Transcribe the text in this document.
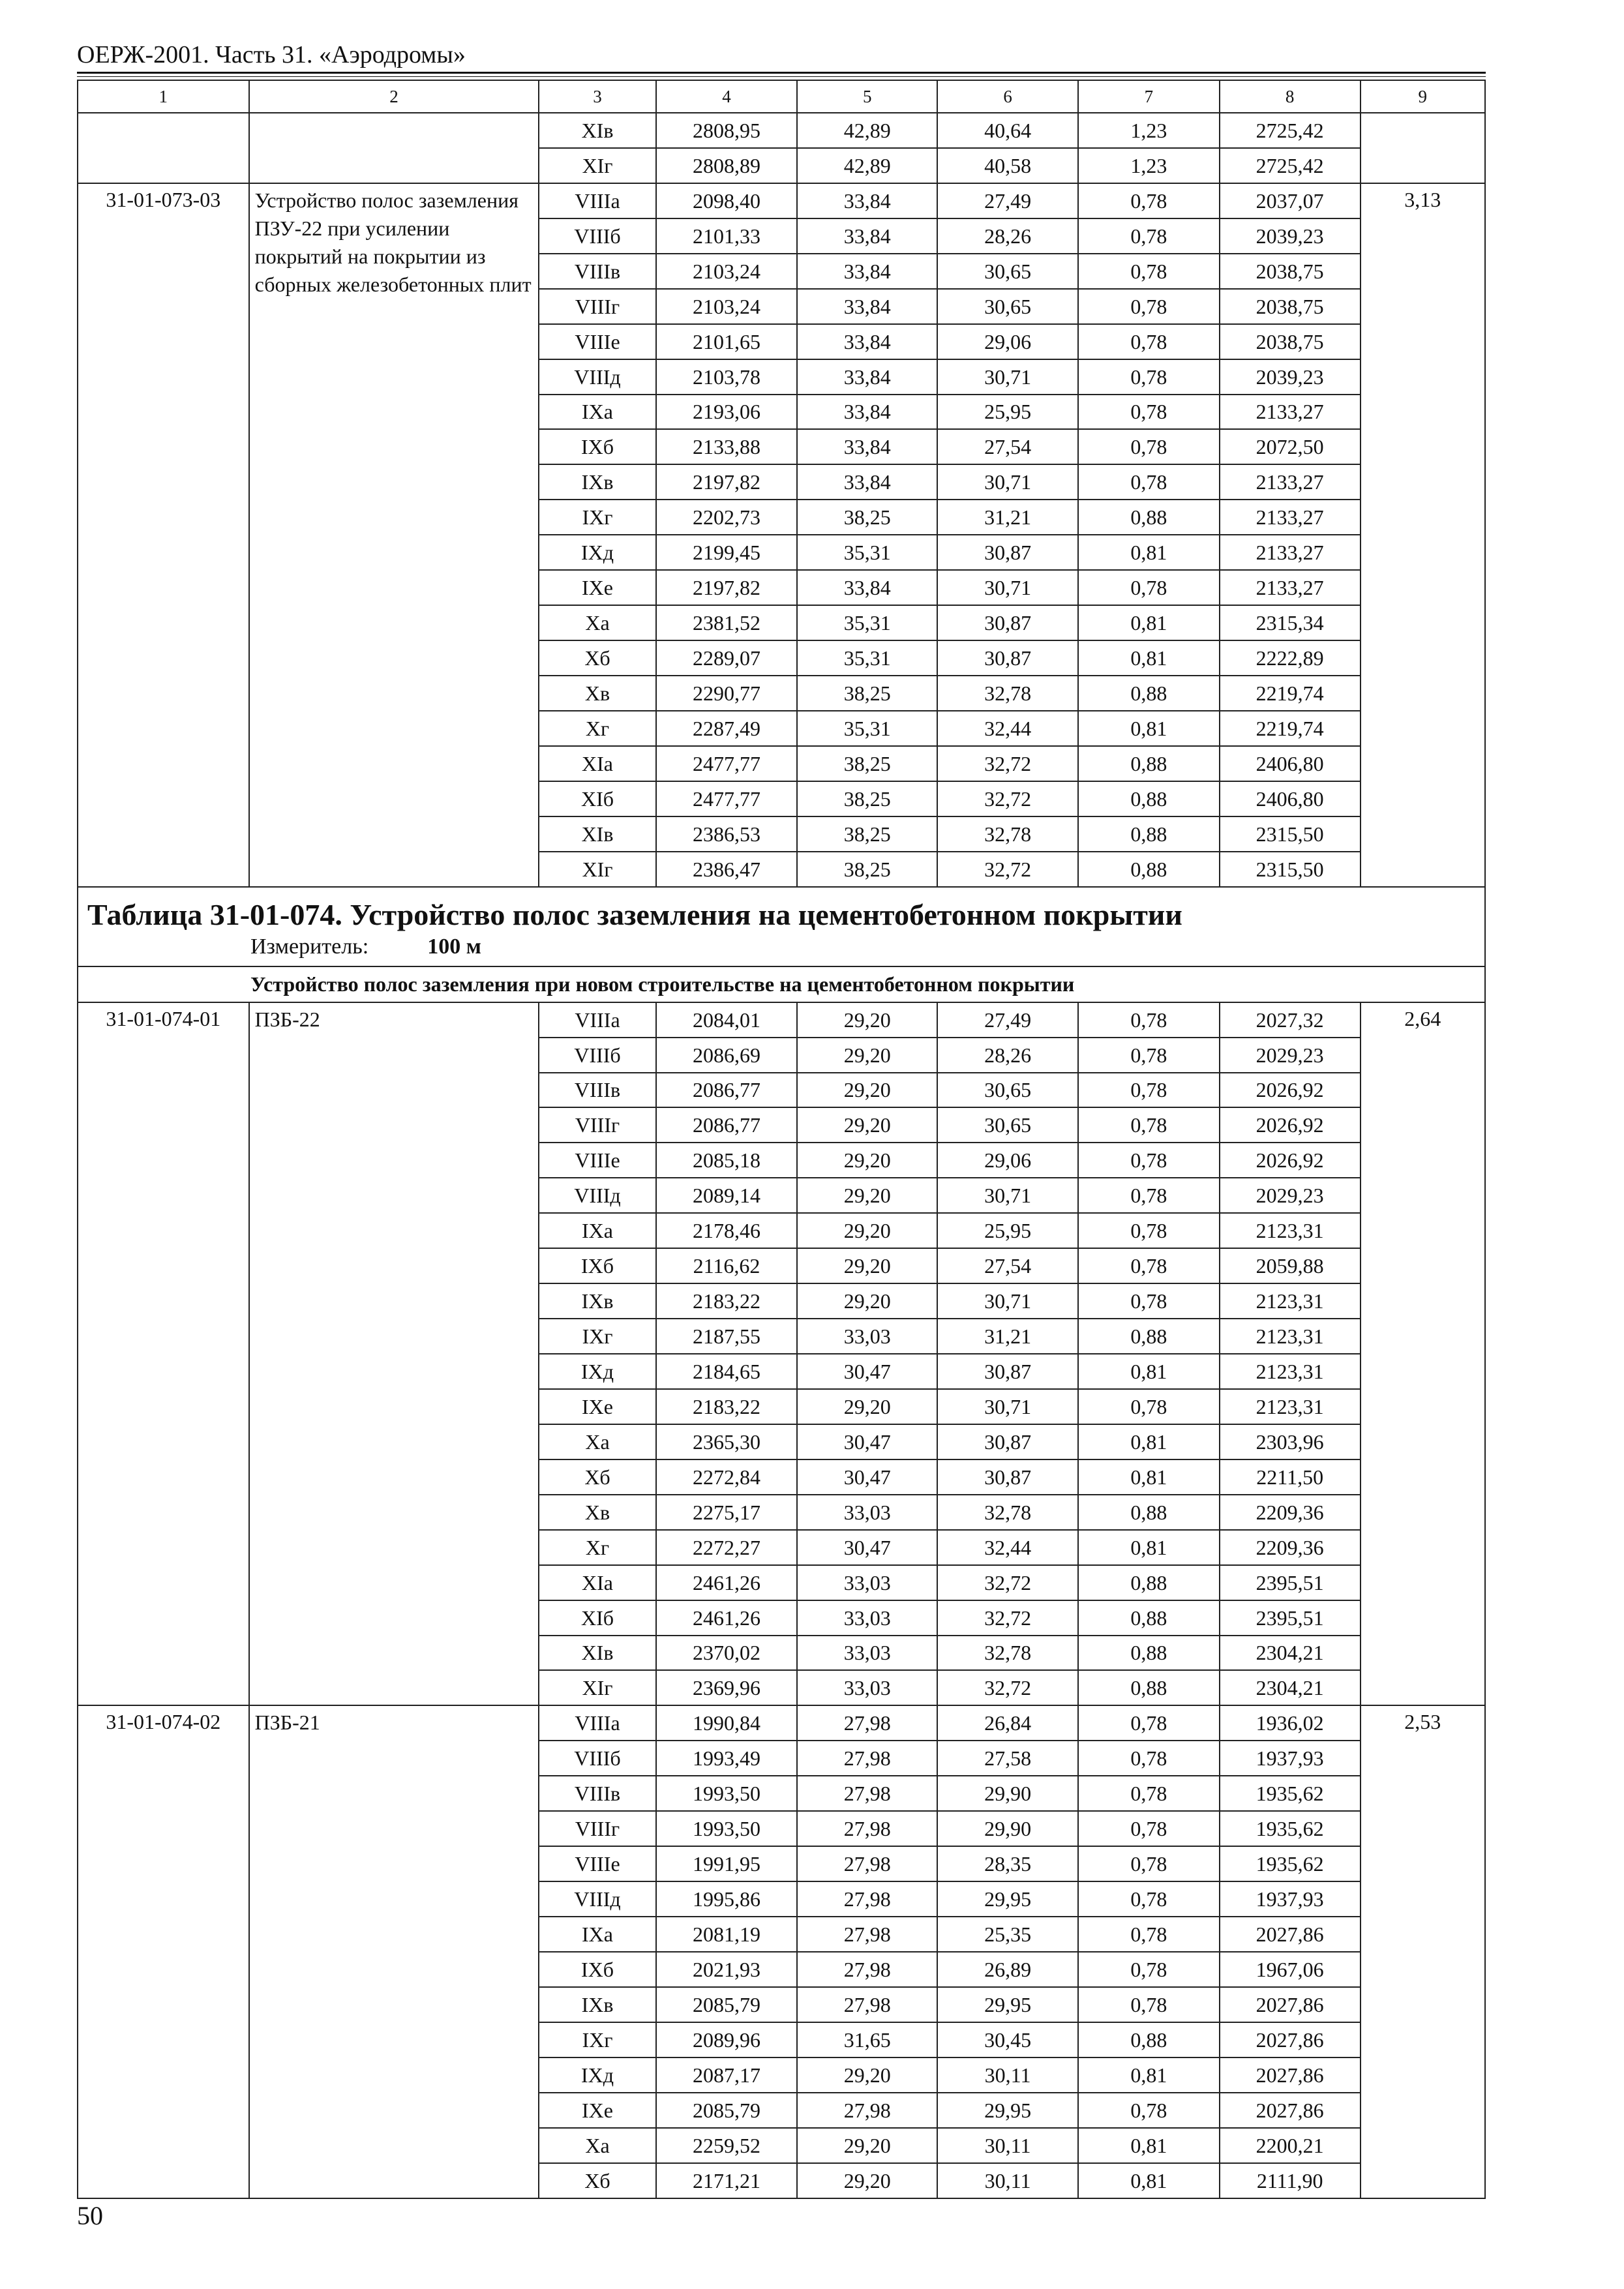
ОЕРЖ-2001. Часть 31. «Аэродромы»
1	2	3	4	5	6	7	8	9
		XIв	2808,95	42,89	40,64	1,23	2725,42	
		XIг	2808,89	42,89	40,58	1,23	2725,42	
31-01-073-03	Устройство полос заземления ПЗУ-22 при усилении покрытий на покрытии из сборных железобетонных плит	VIIIа	2098,40	33,84	27,49	0,78	2037,07	3,13
		VIIIб	2101,33	33,84	28,26	0,78	2039,23	
		VIIIв	2103,24	33,84	30,65	0,78	2038,75	
		VIIIг	2103,24	33,84	30,65	0,78	2038,75	
		VIIIе	2101,65	33,84	29,06	0,78	2038,75	
		VIIIд	2103,78	33,84	30,71	0,78	2039,23	
		IXа	2193,06	33,84	25,95	0,78	2133,27	
		IXб	2133,88	33,84	27,54	0,78	2072,50	
		IXв	2197,82	33,84	30,71	0,78	2133,27	
		IXг	2202,73	38,25	31,21	0,88	2133,27	
		IXд	2199,45	35,31	30,87	0,81	2133,27	
		IXе	2197,82	33,84	30,71	0,78	2133,27	
		Xа	2381,52	35,31	30,87	0,81	2315,34	
		Xб	2289,07	35,31	30,87	0,81	2222,89	
		Xв	2290,77	38,25	32,78	0,88	2219,74	
		Xг	2287,49	35,31	32,44	0,81	2219,74	
		XIа	2477,77	38,25	32,72	0,88	2406,80	
		XIб	2477,77	38,25	32,72	0,88	2406,80	
		XIв	2386,53	38,25	32,78	0,88	2315,50	
		XIг	2386,47	38,25	32,72	0,88	2315,50	

Таблица 31-01-074. Устройство полос заземления на цементобетонном покрытии
Измеритель: 100 м								

Устройство полос заземления при новом строительстве на цементобетонном покрытии								
31-01-074-01	ПЗБ-22	VIIIа	2084,01	29,20	27,49	0,78	2027,32	2,64
		VIIIб	2086,69	29,20	28,26	0,78	2029,23	
		VIIIв	2086,77	29,20	30,65	0,78	2026,92	
		VIIIг	2086,77	29,20	30,65	0,78	2026,92	
		VIIIе	2085,18	29,20	29,06	0,78	2026,92	
		VIIIд	2089,14	29,20	30,71	0,78	2029,23	
		IXа	2178,46	29,20	25,95	0,78	2123,31	
		IXб	2116,62	29,20	27,54	0,78	2059,88	
		IXв	2183,22	29,20	30,71	0,78	2123,31	
		IXг	2187,55	33,03	31,21	0,88	2123,31	
		IXд	2184,65	30,47	30,87	0,81	2123,31	
		IXе	2183,22	29,20	30,71	0,78	2123,31	
		Xа	2365,30	30,47	30,87	0,81	2303,96	
		Xб	2272,84	30,47	30,87	0,81	2211,50	
		Xв	2275,17	33,03	32,78	0,88	2209,36	
		Xг	2272,27	30,47	32,44	0,81	2209,36	
		XIа	2461,26	33,03	32,72	0,88	2395,51	
		XIб	2461,26	33,03	32,72	0,88	2395,51	
		XIв	2370,02	33,03	32,78	0,88	2304,21	
		XIг	2369,96	33,03	32,72	0,88	2304,21	
31-01-074-02	ПЗБ-21	VIIIа	1990,84	27,98	26,84	0,78	1936,02	2,53
		VIIIб	1993,49	27,98	27,58	0,78	1937,93	
		VIIIв	1993,50	27,98	29,90	0,78	1935,62	
		VIIIг	1993,50	27,98	29,90	0,78	1935,62	
		VIIIе	1991,95	27,98	28,35	0,78	1935,62	
		VIIIд	1995,86	27,98	29,95	0,78	1937,93	
		IXа	2081,19	27,98	25,35	0,78	2027,86	
		IXб	2021,93	27,98	26,89	0,78	1967,06	
		IXв	2085,79	27,98	29,95	0,78	2027,86	
		IXг	2089,96	31,65	30,45	0,88	2027,86	
		IXд	2087,17	29,20	30,11	0,81	2027,86	
		IXе	2085,79	27,98	29,95	0,78	2027,86	
		Xа	2259,52	29,20	30,11	0,81	2200,21	
		Xб	2171,21	29,20	30,11	0,81	2111,90	
50
